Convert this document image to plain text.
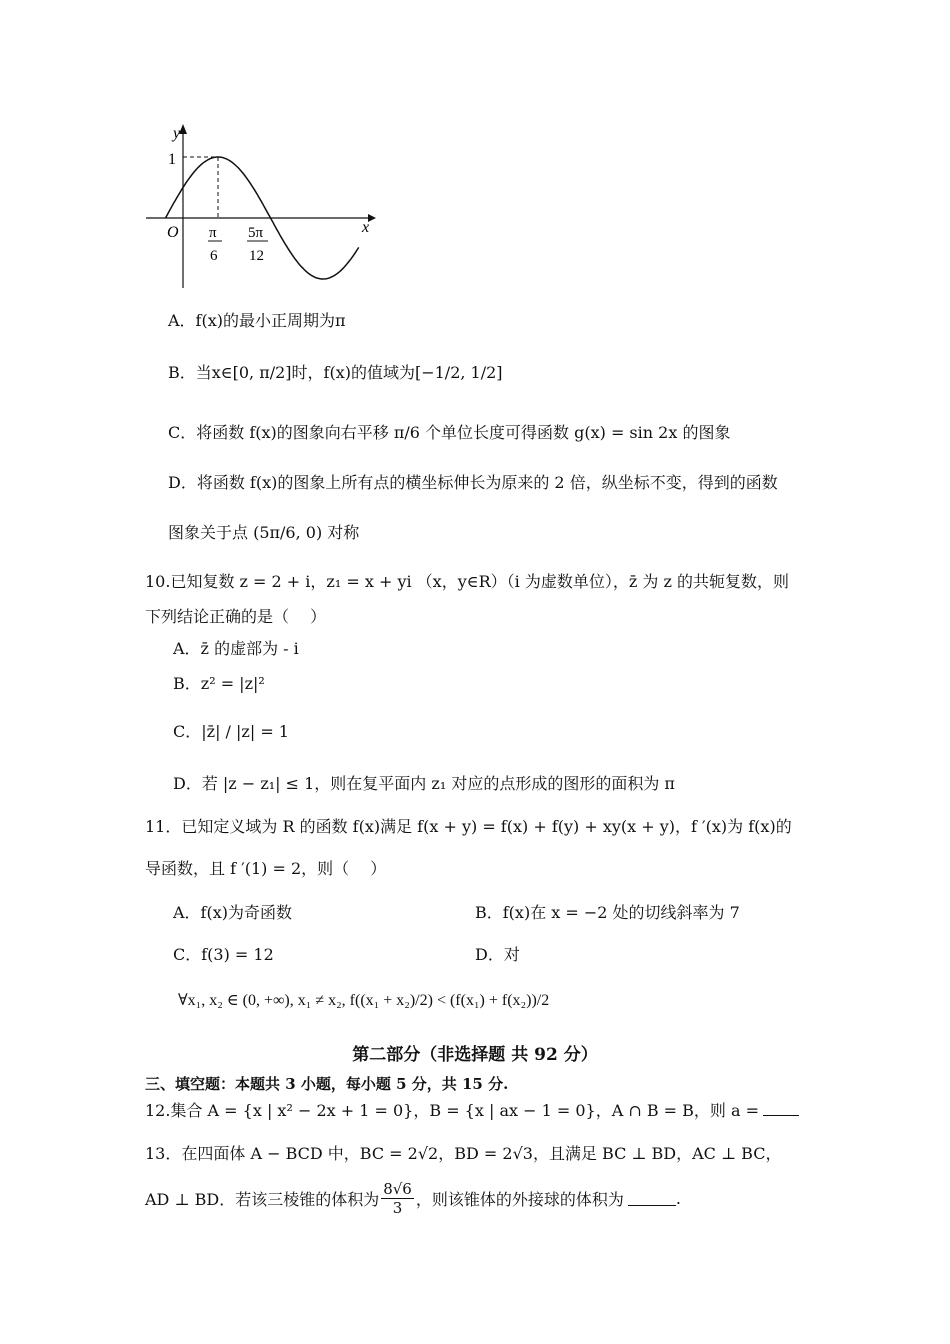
y
x
1
O π
6
5π
12
A．f(x)的最小正周期为π
B．当x∈[0, π/2]时，f(x)的值域为[−1/2, 1/2]
C．将函数 f(x)的图象向右平移 π/6 个单位长度可得函数 g(x) = sin 2x 的图象
D．将函数 f(x)的图象上所有点的横坐标伸长为原来的 2 倍，纵坐标不变，得到的函数
图象关于点 (5π/6, 0) 对称
10.已知复数 z = 2 + i，z₁ = x + yi （x，y∈R）（i 为虚数单位），z̄ 为 z 的共轭复数，则
下列结论正确的是（　 ）
A．z̄ 的虚部为 - i
B．z² = |z|²
C．|z̄| / |z| = 1
D．若 |z − z₁| ≤ 1，则在复平面内 z₁ 对应的点形成的图形的面积为 π
11．已知定义域为 R 的函数 f(x)满足 f(x + y) = f(x) + f(y) + xy(x + y)，f ′(x)为 f(x)的
导函数，且 f ′(1) = 2，则（　 ）
A．f(x)为奇函数	B．f(x)在 x = −2 处的切线斜率为 7
C．f(3) = 12	D．对
∀x₁, x₂ ∈ (0, +∞), x₁ ≠ x₂, f((x₁ + x₂)/2) < (f(x₁) + f(x₂))/2
第二部分（非选择题 共 92 分）
三、填空题：本题共 3 小题，每小题 5 分，共 15 分.
12.集合 A = {x | x² − 2x + 1 = 0}，B = {x | ax − 1 = 0}，A ∩ B = B，则 a =
13．在四面体 A − BCD 中，BC = 2√2，BD = 2√3，且满足 BC ⊥ BD，AC ⊥ BC，
AD ⊥ BD．若该三棱锥的体积为 $\frac{8√6}{3}$ ，则该锥体的外接球的体积为	.
